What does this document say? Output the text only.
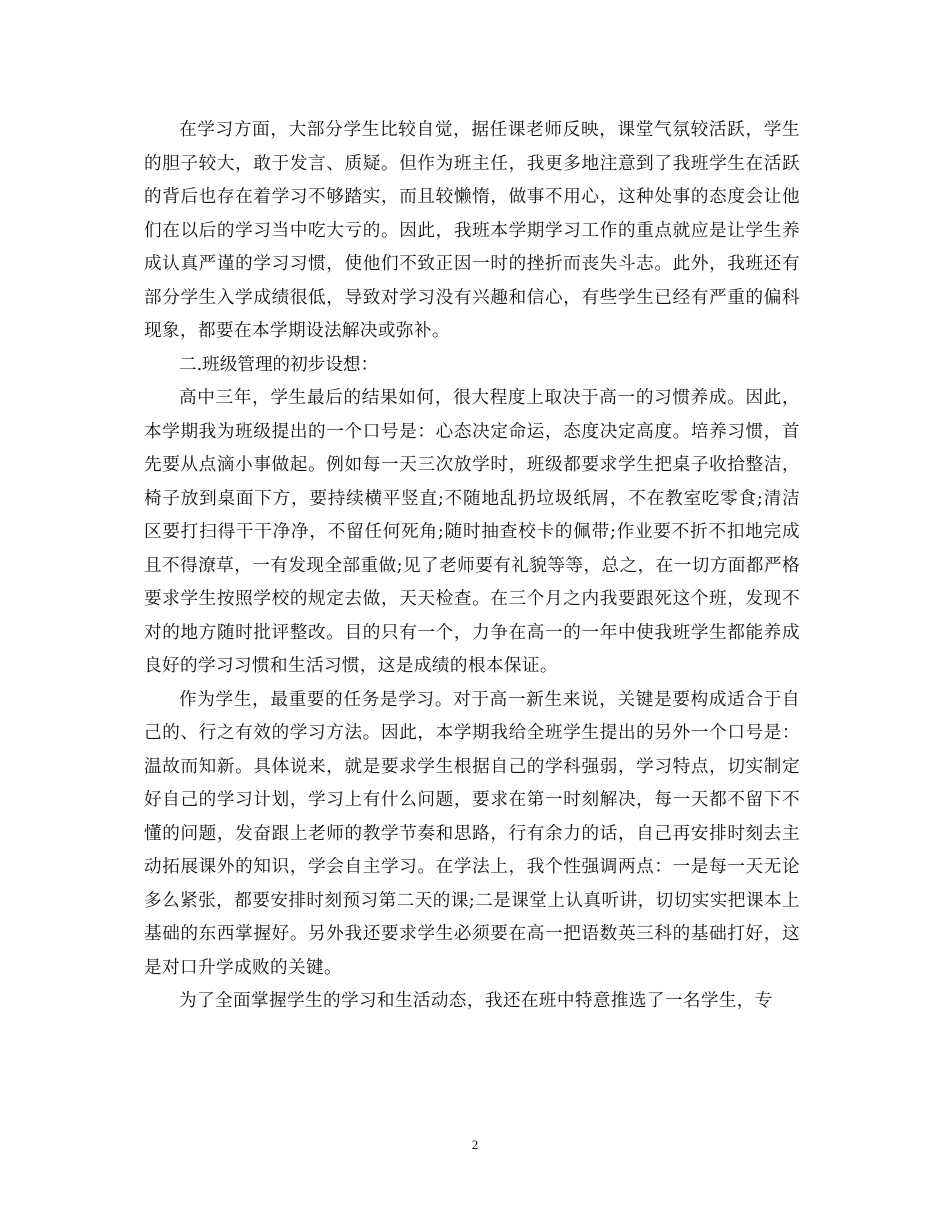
在学习方面，大部分学生比较自觉，据任课老师反映，课堂气氛较活跃，学生的胆子较大，敢于发言、质疑。但作为班主任，我更多地注意到了我班学生在活跃的背后也存在着学习不够踏实，而且较懒惰，做事不用心，这种处事的态度会让他们在以后的学习当中吃大亏的。因此，我班本学期学习工作的重点就应是让学生养成认真严谨的学习习惯，使他们不致正因一时的挫折而丧失斗志。此外，我班还有部分学生入学成绩很低，导致对学习没有兴趣和信心，有些学生已经有严重的偏科现象，都要在本学期设法解决或弥补。

二.班级管理的初步设想：

高中三年，学生最后的结果如何，很大程度上取决于高一的习惯养成。因此，本学期我为班级提出的一个口号是：心态决定命运，态度决定高度。培养习惯，首先要从点滴小事做起。例如每一天三次放学时，班级都要求学生把桌子收拾整洁，椅子放到桌面下方，要持续横平竖直;不随地乱扔垃圾纸屑，不在教室吃零食;清洁区要打扫得干干净净，不留任何死角;随时抽查校卡的佩带;作业要不折不扣地完成且不得潦草，一有发现全部重做;见了老师要有礼貌等等，总之，在一切方面都严格要求学生按照学校的规定去做，天天检查。在三个月之内我要跟死这个班，发现不对的地方随时批评整改。目的只有一个，力争在高一的一年中使我班学生都能养成良好的学习习惯和生活习惯，这是成绩的根本保证。

作为学生，最重要的任务是学习。对于高一新生来说，关键是要构成适合于自己的、行之有效的学习方法。因此，本学期我给全班学生提出的另外一个口号是：温故而知新。具体说来，就是要求学生根据自己的学科强弱，学习特点，切实制定好自己的学习计划，学习上有什么问题，要求在第一时刻解决，每一天都不留下不懂的问题，发奋跟上老师的教学节奏和思路，行有余力的话，自己再安排时刻去主动拓展课外的知识，学会自主学习。在学法上，我个性强调两点：一是每一天无论多么紧张，都要安排时刻预习第二天的课;二是课堂上认真听讲，切切实实把课本上基础的东西掌握好。另外我还要求学生必须要在高一把语数英三科的基础打好，这是对口升学成败的关键。

为了全面掌握学生的学习和生活动态，我还在班中特意推选了一名学生，专

2
